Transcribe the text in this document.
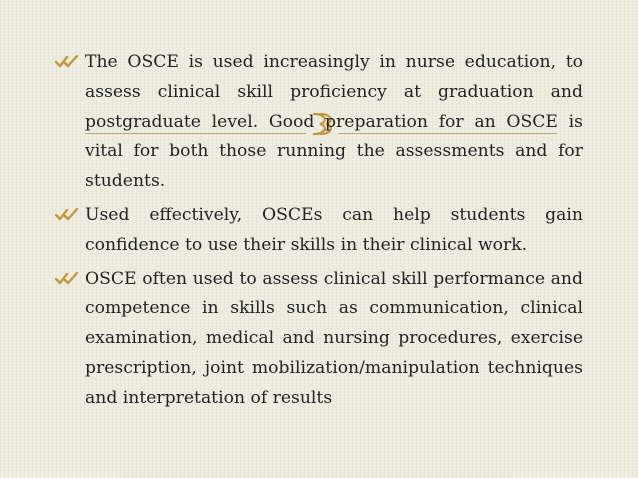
The OSCE is used increasingly in nurse education, to assess clinical skill proficiency at graduation and postgraduate level. Good preparation for an OSCE is vital for both those running the assessments and for students.
Used effectively, OSCEs can help students gain confidence to use their skills in their clinical work.
OSCE often used to assess clinical skill performance and competence in skills such as communication, clinical examination, medical and nursing procedures, exercise prescription, joint mobilization/manipulation techniques and interpretation of results
